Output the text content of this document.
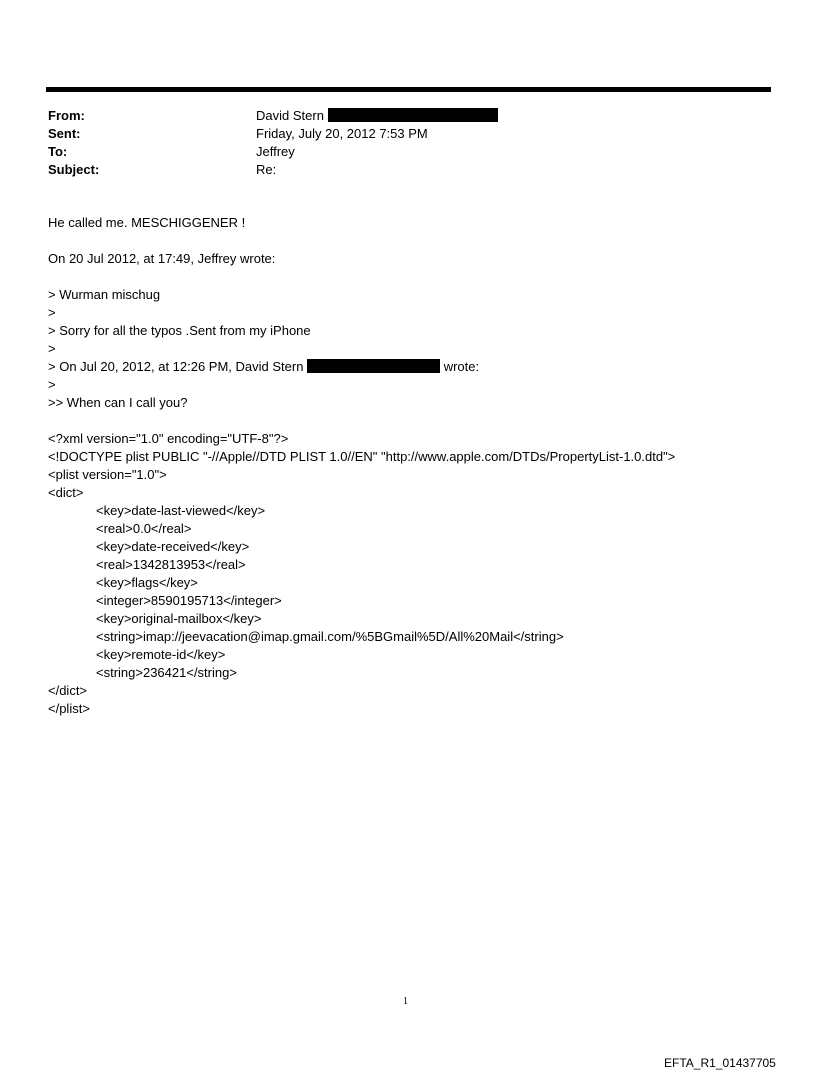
From:	David Stern
Sent:	Friday, July 20, 2012 7:53 PM
To:	Jeffrey
Subject:	Re:
He called me. MESCHIGGENER !
On 20 Jul 2012, at 17:49, Jeffrey wrote:
> Wurman mischug
>
> Sorry for all the typos .Sent from my iPhone
>
> On Jul 20, 2012, at 12:26 PM, David Stern	wrote:
>
>> When can I call you?
<?xml version="1.0" encoding="UTF-8"?>
<!DOCTYPE plist PUBLIC "-//Apple//DTD PLIST 1.0//EN" "http://www.apple.com/DTDs/PropertyList-1.0.dtd">
<plist version="1.0">
<dict>
<key>date-last-viewed</key>
<real>0.0</real>
<key>date-received</key>
<real>1342813953</real>
<key>flags</key>
<integer>8590195713</integer>
<key>original-mailbox</key>
<string>imap://jeevacation@imap.gmail.com/%5BGmail%5D/All%20Mail</string>
<key>remote-id</key>
<string>236421</string>
</dict>
</plist>
1
EFTA_R1_01437705
